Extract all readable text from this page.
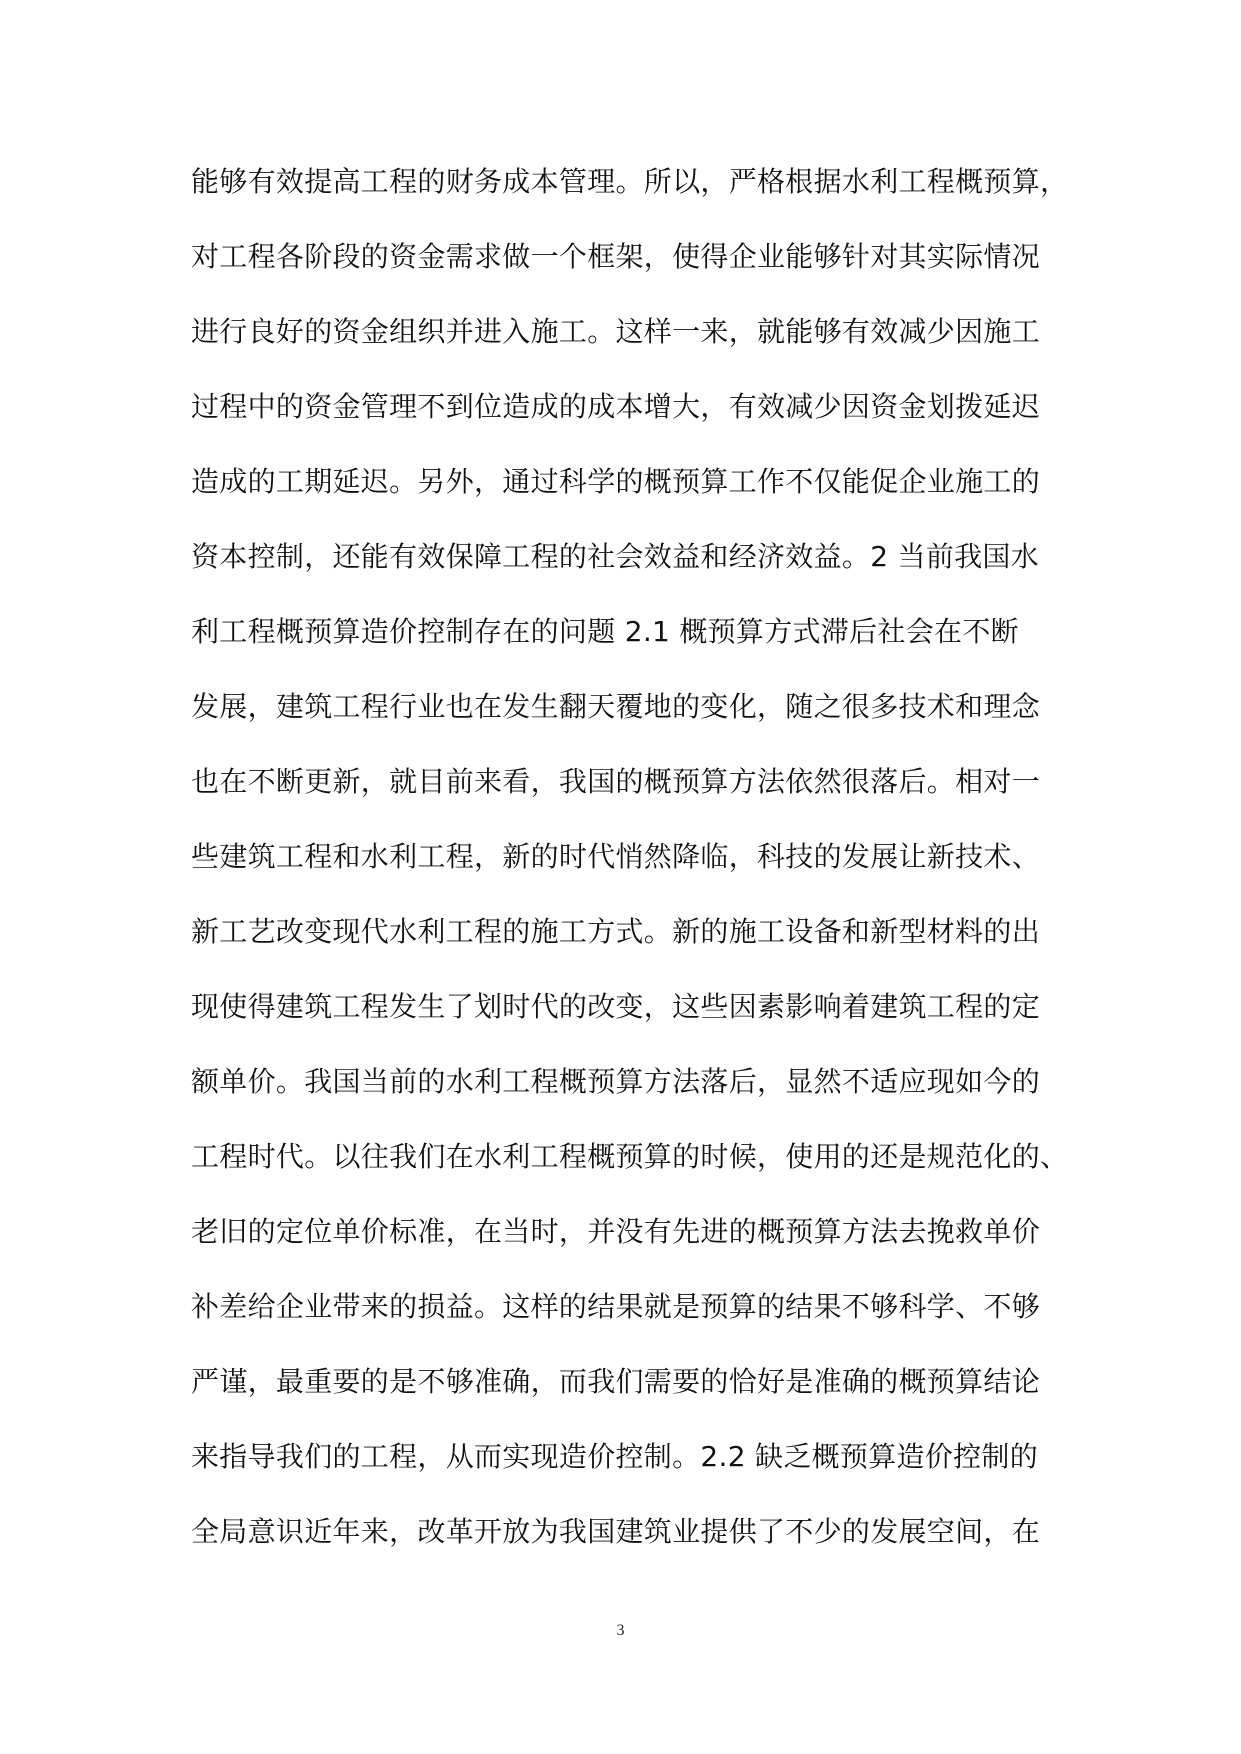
能够有效提高工程的财务成本管理。所以，严格根据水利工程概预算，
对工程各阶段的资金需求做一个框架，使得企业能够针对其实际情况
进行良好的资金组织并进入施工。这样一来，就能够有效减少因施工
过程中的资金管理不到位造成的成本增大，有效减少因资金划拨延迟
造成的工期延迟。另外，通过科学的概预算工作不仅能促企业施工的
资本控制，还能有效保障工程的社会效益和经济效益。2 当前我国水
利工程概预算造价控制存在的问题 2.1 概预算方式滞后社会在不断
发展，建筑工程行业也在发生翻天覆地的变化，随之很多技术和理念
也在不断更新，就目前来看，我国的概预算方法依然很落后。相对一
些建筑工程和水利工程，新的时代悄然降临，科技的发展让新技术、
新工艺改变现代水利工程的施工方式。新的施工设备和新型材料的出
现使得建筑工程发生了划时代的改变，这些因素影响着建筑工程的定
额单价。我国当前的水利工程概预算方法落后，显然不适应现如今的
工程时代。以往我们在水利工程概预算的时候，使用的还是规范化的、
老旧的定位单价标准，在当时，并没有先进的概预算方法去挽救单价
补差给企业带来的损益。这样的结果就是预算的结果不够科学、不够
严谨，最重要的是不够准确，而我们需要的恰好是准确的概预算结论
来指导我们的工程，从而实现造价控制。2.2 缺乏概预算造价控制的
全局意识近年来，改革开放为我国建筑业提供了不少的发展空间，在
3
